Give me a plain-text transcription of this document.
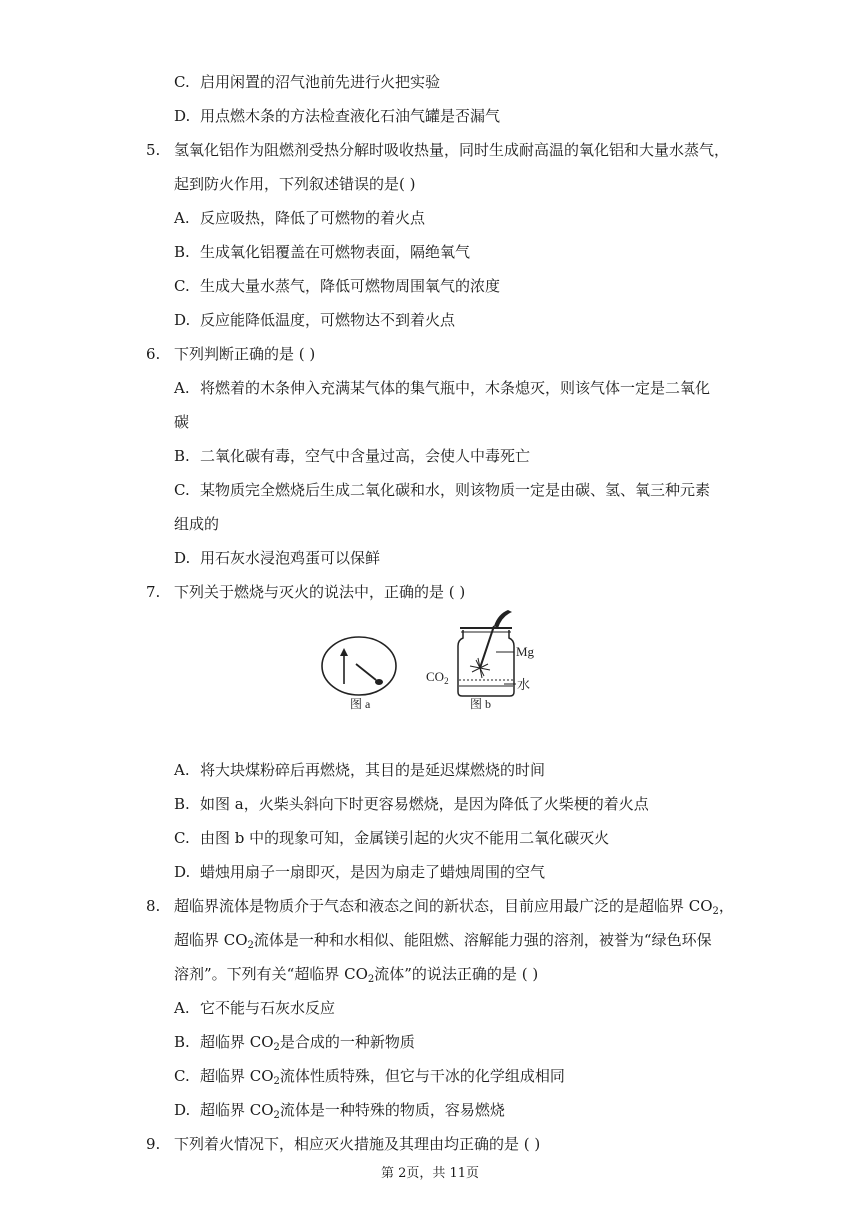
C. 启用闲置的沼气池前先进行火把实验
D. 用点燃木条的方法检查液化石油气罐是否漏气
5. 氢氧化铝作为阻燃剂受热分解时吸收热量，同时生成耐高温的氧化铝和大量水蒸气，
起到防火作用，下列叙述错误的是( )
A. 反应吸热，降低了可燃物的着火点
B. 生成氧化铝覆盖在可燃物表面，隔绝氧气
C. 生成大量水蒸气，降低可燃物周围氧气的浓度
D. 反应能降低温度，可燃物达不到着火点
6. 下列判断正确的是 ( )
A. 将燃着的木条伸入充满某气体的集气瓶中，木条熄灭，则该气体一定是二氧化
碳
B. 二氧化碳有毒，空气中含量过高，会使人中毒死亡
C. 某物质完全燃烧后生成二氧化碳和水，则该物质一定是由碳、氢、氧三种元素
组成的
D. 用石灰水浸泡鸡蛋可以保鲜
7. 下列关于燃烧与灭火的说法中，正确的是 ( )
图 a
Mg
$CO_2$	水
图 b
A. 将大块煤粉碎后再燃烧，其目的是延迟煤燃烧的时间
B. 如图 a，火柴头斜向下时更容易燃烧，是因为降低了火柴梗的着火点
C. 由图 b 中的现象可知，金属镁引起的火灾不能用二氧化碳灭火
D. 蜡烛用扇子一扇即灭，是因为扇走了蜡烛周围的空气
8. 超临界流体是物质介于气态和液态之间的新状态，目前应用最广泛的是超临界 $CO_2$，
超临界 $CO_2$流体是一种和水相似、能阻燃、溶解能力强的溶剂，被誉为“绿色环保
溶剂”。下列有关“超临界 $CO_2$流体”的说法正确的是 ( )
A. 它不能与石灰水反应
B. 超临界 $CO_2$是合成的一种新物质
C. 超临界 $CO_2$流体性质特殊，但它与干冰的化学组成相同
D. 超临界 $CO_2$流体是一种特殊的物质，容易燃烧
9. 下列着火情况下，相应灭火措施及其理由均正确的是 ( )
第 2页，共 11页
